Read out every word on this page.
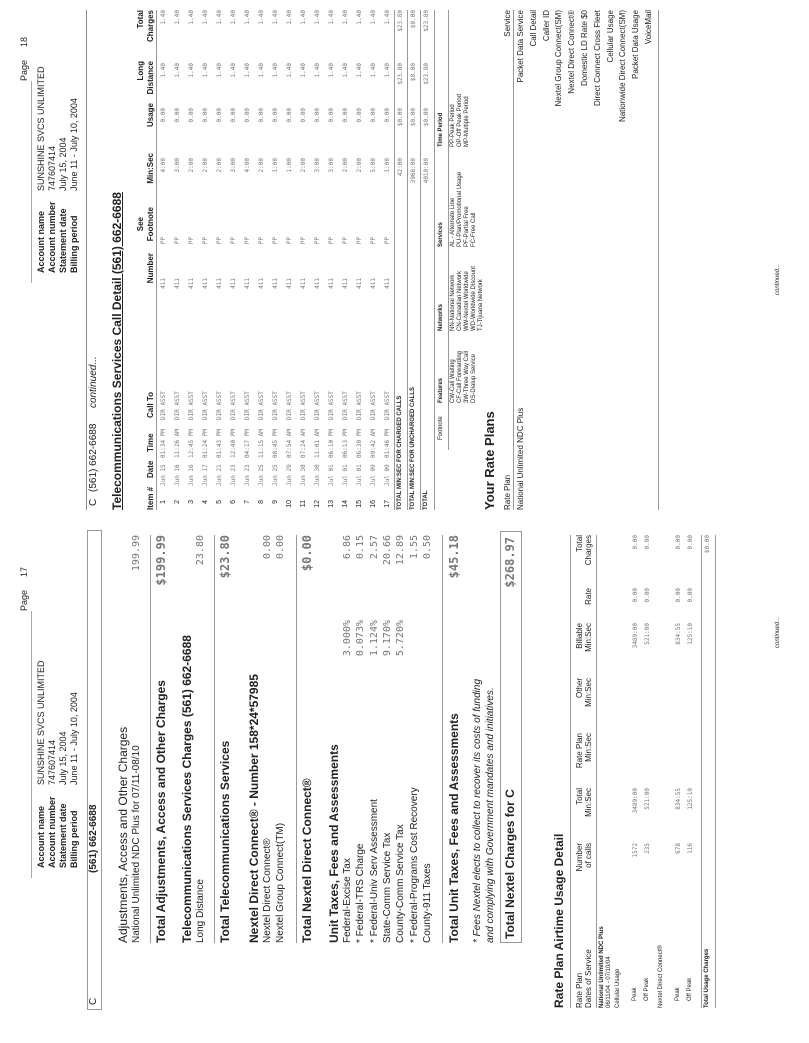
Account name
SUNSHINE SVCS UNLIMITED
Account number
747607414
Statement date
July 15, 2004
Billing period
June 11 - July 10, 2004
Page
17
C
(561) 662-6688 Adjustments, Access and Other Charges National Unlimited NDC Plus for 07/11-08/10
199.99
Total Adjustments, Access and Other Charges
$199.99
Telecommunications Services Charges (561) 662-6688 Long Distance
23.80
Total Telecommunications Services
$23.80
Nextel Direct Connect® - Number 158*24*57985 Nextel Direct Connect®
0.00
Nextel Group Connect(TM)
0.00
Total Nextel Direct Connect®
$0.00
Unit Taxes, Fees and Assessments Federal-Excise Tax
6.86
3.000%
* Federal-TRS Charge
0.15
0.073%
* Federal-Univ Serv Assessment
2.57
1.124%
State-Comm Service Tax
20.66
9.170%
County-Comm Service Tax
12.89
5.720%
* Federal-Programs Cost Recovery
1.55
County-911 Taxes
0.50
Total Unit Taxes, Fees and Assessments
$45.18
* Fees Nextel elects to collect to recover its costs of funding and complying with Government mandates and initiatives. Total Nextel Charges for C
$268.97
Rate Plan Airtime Usage Detail Rate Plan Dates of Service
Number of calls
Total Min:Sec
Rate Plan Min:Sec
Other Min:Sec
Billable Min:Sec
Rate
Total Charges
National Unlimited NDC Plus 06/11/04 - 07/10/04 Cellular Usage Peak
1572
3489:00
3489:00
0.00
0.00
Off Peak
235
521:00
521:00
0.00
0.00
Nextel Direct Connect® Peak
678
834:55
834:55
0.00
0.00
Off Peak
116
125:10
125:10
0.00
0.00
Total Usage Charges
$0.00
continued...
Account name
SUNSHINE SVCS UNLIMITED
Account number
747607414
Statement date
July 15, 2004
Billing period
June 11 - July 10, 2004
Page
18
C
(561) 662-6688
continued... Telecommunications Services Call Detail (561) 662-6688	Item #
Date
Time
Call To
Number
See Footnote
Min:Sec
Usage
Long Distance
Total Charges
1
Jun 15
01:34 PM
DIR ASST
411
PP
4:00
0.00
1.40
1.40
2
Jun 16
11:26 AM
DIR ASST
411
PP
3:00
0.00
1.40
1.40
3
Jun 16
12:45 PM
DIR ASST
411
PP
2:00
0.00
1.40
1.40
4
Jun 17
01:24 PM
DIR ASST
411
PP
2:00
0.00
1.40
1.40
5
Jun 21
01:43 PM
DIR ASST
411
PP
2:00
0.00
1.40
1.40
6
Jun 23
12:40 PM
DIR ASST
411
PP
3:00
0.00
1.40
1.40
7
Jun 23
04:17 PM
DIR ASST
411
PP
4:00
0.00
1.40
1.40
8
Jun 25
11:15 AM
DIR ASST
411
PP
2:00
0.00
1.40
1.40
9
Jun 25
08:45 PM
DIR ASST
411
PP
1:00
0.00
1.40
1.40
10
Jun 29
07:54 AM
DIR ASST
411
PP
1:00
0.00
1.40
1.40
11
Jun 30
07:24 AM
DIR ASST
411
PP
2:00
0.00
1.40
1.40
12
Jun 30
11:01 AM
DIR ASST
411
PP
3:00
0.00
1.40
1.40
13
Jul 01
06:10 PM
DIR ASST
411
PP
3:00
0.00
1.40
1.40
14
Jul 01
06:13 PM
DIR ASST
411
PP
2:00
0.00
1.40
1.40
15
Jul 01
06:30 PM
DIR ASST
411
PP
2:00
0.00
1.40
1.40
16
Jul 09
09:42 AM
DIR ASST
411
PP
5:00
0.00
1.40
1.40
17
Jul 09
01:46 PM
DIR ASST
411
PP
1:00
0.00
1.40
1.40
TOTAL MIN:SEC FOR CHARGED CALLS
42:00
$0.00
$23.80
$23.80
TOTAL MIN:SEC FOR UNCHARGED CALLS
3968:00
$0.00
$0.00
$0.00
TOTAL
4010:00
$0.00
$23.80
$23.80
Footnote
Features CW-Call Waiting CF-Call Forwarding 3W-Three Way Call DS-Dialup Service
Networks NN-National Network CN-Canadian Network WW-Nextel Worldwide WD-Worldwide Discount TJ-Tijuana Network
Services AL - Alternate Line PU-Plan/Promotional Usage PF-Partial Free FC-Free Call
Time Period PP-Peak Period OP-Off Peak Period MP-Multiple Period
Your Rate Plans Rate Plan
Service
National Unlimited NDC Plus
Packet Data Service Call Detail Caller ID Nextel Group Connect(SM) Nextel Direct Connect® Domestic LD Rate $0 Direct Connect Cross Fleet Cellular Usage Nationwide Direct Connect(SM) Packet Data Usage VoiceMail
continued...
